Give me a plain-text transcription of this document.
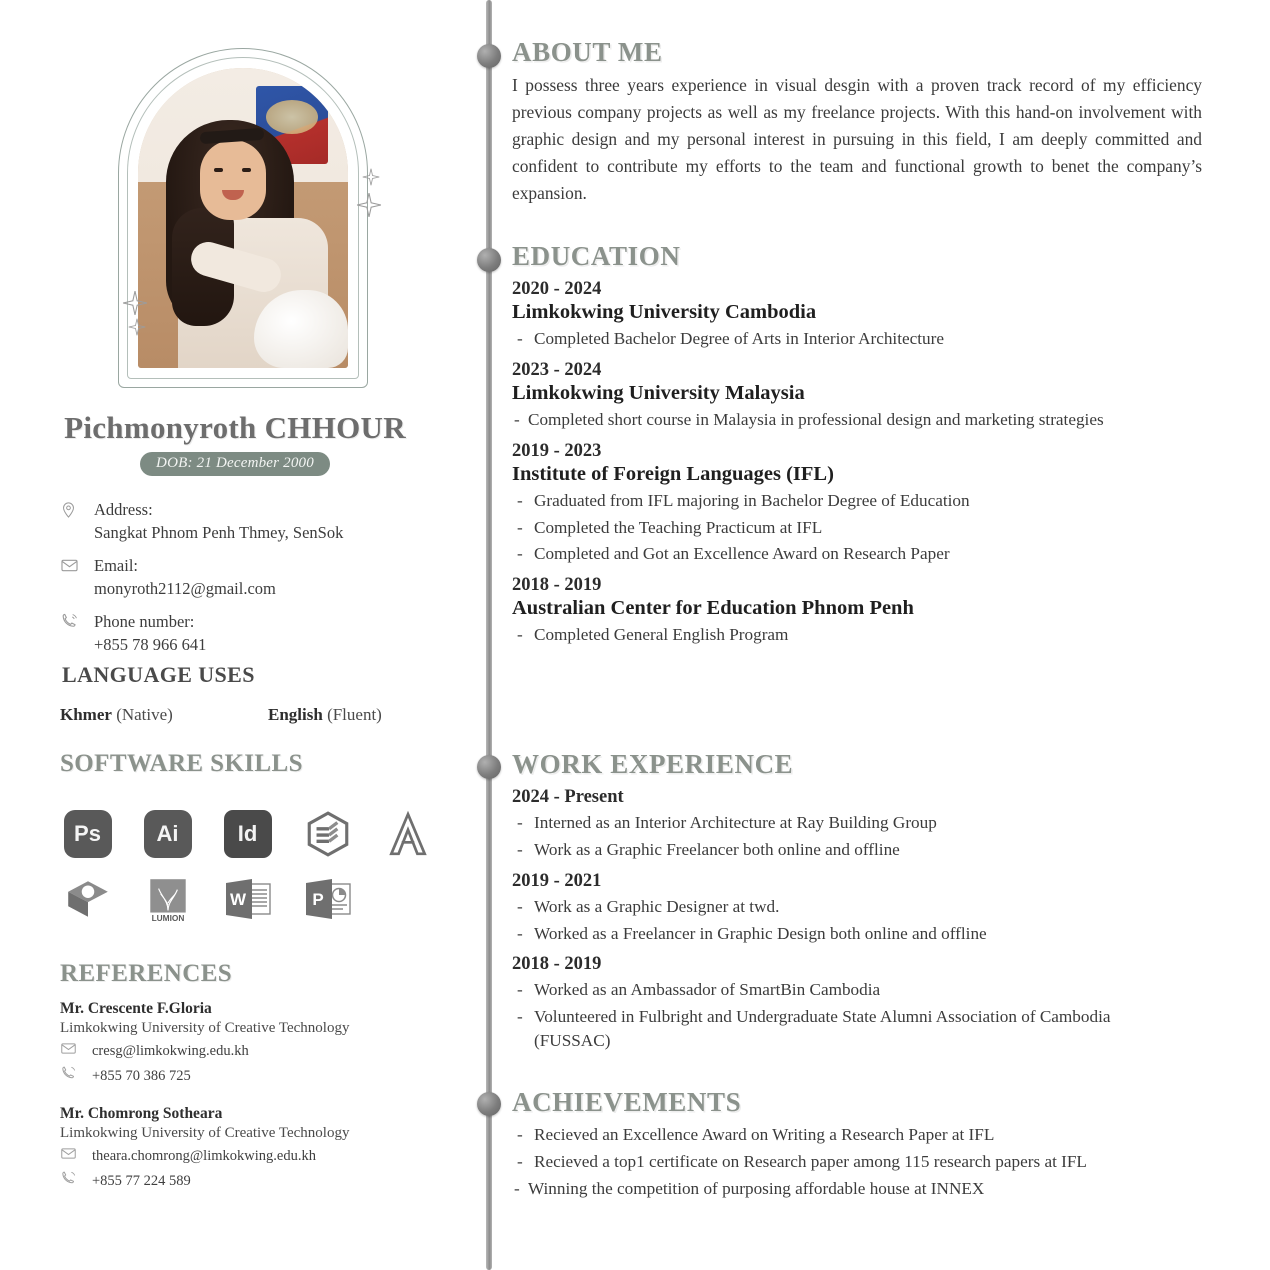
Pichmonyroth CHHOUR
DOB: 21 December 2000
Address:
Sangkat Phnom Penh Thmey, SenSok
Email:
monyroth2112@gmail.com
Phone number:
+855 78 966 641
LANGUAGE USES
Khmer (Native)	English (Fluent)
SOFTWARE SKILLS
Ps	Ai	Id
LUMION
W	P
REFERENCES
Mr. Crescente F.Gloria
Limkokwing University of Creative Technology
cresg@limkokwing.edu.kh
+855 70 386 725
Mr. Chomrong Sotheara
Limkokwing University of Creative Technology
theara.chomrong@limkokwing.edu.kh
+855 77 224 589
ABOUT ME
I possess three years experience in visual desgin with a proven track record of my efficiency previous company projects as well as my freelance projects. With this hand-on involvement with graphic design and my personal interest in pursuing in this field, I am deeply committed and confident to contribute my efforts to the team and functional growth to benet the company’s expansion.
EDUCATION
2020 - 2024
Limkokwing University Cambodia
- Completed Bachelor Degree of Arts in Interior Architecture
2023 - 2024
Limkokwing University Malaysia
- Completed short course in Malaysia in professional design and marketing strategies
2019 - 2023
Institute of Foreign Languages (IFL)
- Graduated from IFL majoring in Bachelor Degree of Education
- Completed the Teaching Practicum at IFL
- Completed and Got an Excellence Award on Research Paper
2018 - 2019
Australian Center for Education Phnom Penh
- Completed General English Program
WORK EXPERIENCE
2024 - Present
- Interned as an Interior Architecture at Ray Building Group
- Work as a Graphic Freelancer both online and offline
2019 - 2021
- Work as a Graphic Designer at twd.
- Worked as a Freelancer in Graphic Design both online and offline
2018 - 2019
- Worked as an Ambassador of SmartBin Cambodia
- Volunteered in Fulbright and Undergraduate State Alumni Association of Cambodia (FUSSAC)
ACHIEVEMENTS
- Recieved an Excellence Award on Writing a Research Paper at IFL
- Recieved a top1 certificate on Research paper among 115 research papers at IFL
- Winning the competition of purposing affordable house at INNEX
